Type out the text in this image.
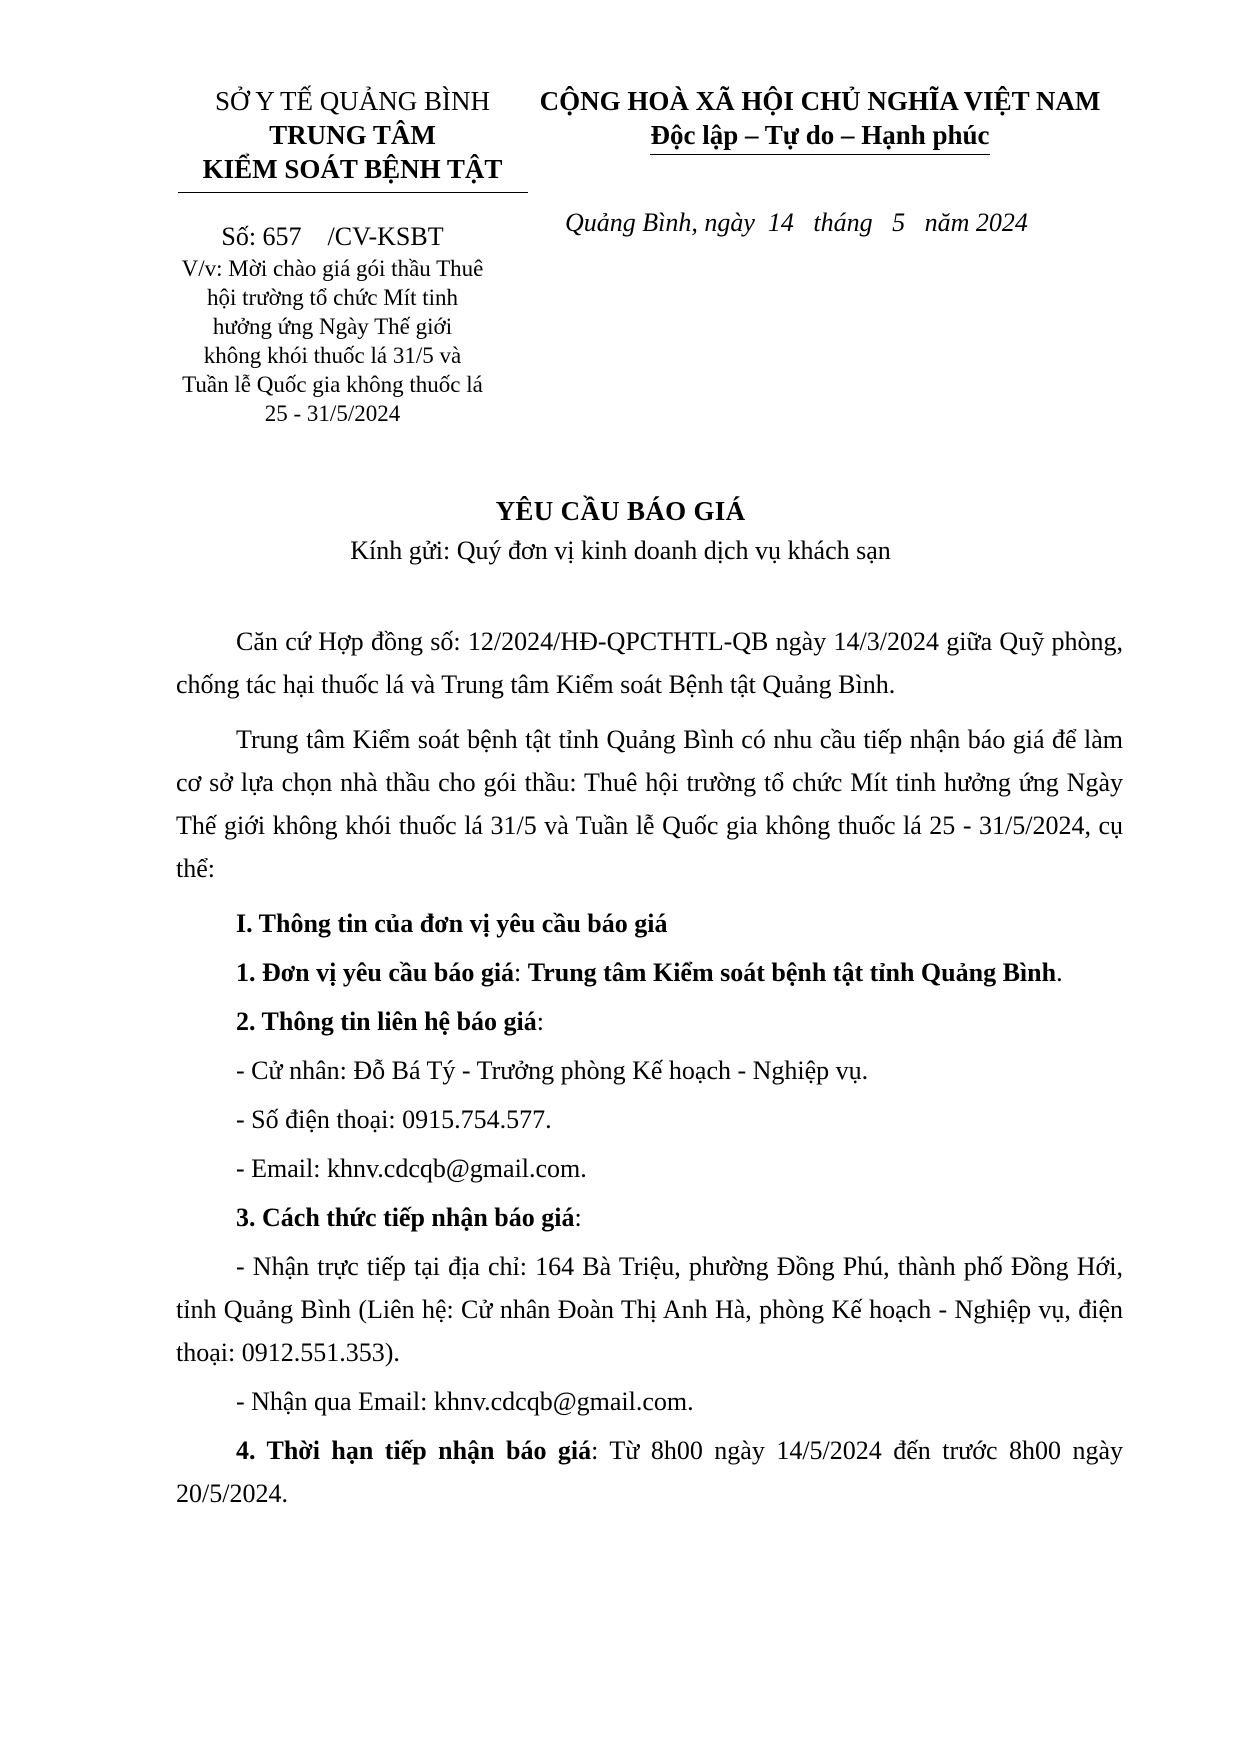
SỞ Y TẾ QUẢNG BÌNH
TRUNG TÂM
KIỂM SOÁT BỆNH TẬT
CỘNG HOÀ XÃ HỘI CHỦ NGHĨA VIỆT NAM
Độc lập – Tự do – Hạnh phúc
Quảng Bình, ngày  14   tháng   5   năm 2024
Số: 657    /CV-KSBT
V/v: Mời chào giá gói thầu Thuê
hội trường tổ chức Mít tinh
hưởng ứng Ngày Thế giới
không khói thuốc lá 31/5 và
Tuần lễ Quốc gia không thuốc lá
25 - 31/5/2024
YÊU CẦU BÁO GIÁ
Kính gửi: Quý đơn vị kinh doanh dịch vụ khách sạn

Căn cứ Hợp đồng số: 12/2024/HĐ-QPCTHTL-QB ngày 14/3/2024 giữa Quỹ phòng, chống tác hại thuốc lá và Trung tâm Kiểm soát Bệnh tật Quảng Bình.

Trung tâm Kiểm soát bệnh tật tỉnh Quảng Bình có nhu cầu tiếp nhận báo giá để làm cơ sở lựa chọn nhà thầu cho gói thầu: Thuê hội trường tổ chức Mít tinh hưởng ứng Ngày Thế giới không khói thuốc lá 31/5 và Tuần lễ Quốc gia không thuốc lá 25 - 31/5/2024, cụ thể:

I. Thông tin của đơn vị yêu cầu báo giá

1. Đơn vị yêu cầu báo giá: Trung tâm Kiểm soát bệnh tật tỉnh Quảng Bình.

2. Thông tin liên hệ báo giá:

- Cử nhân: Đỗ Bá Tý - Trưởng phòng Kế hoạch - Nghiệp vụ.

- Số điện thoại: 0915.754.577.

- Email: khnv.cdcqb@gmail.com.

3. Cách thức tiếp nhận báo giá:

- Nhận trực tiếp tại địa chỉ: 164 Bà Triệu, phường Đồng Phú, thành phố Đồng Hới, tỉnh Quảng Bình (Liên hệ: Cử nhân Đoàn Thị Anh Hà, phòng Kế hoạch - Nghiệp vụ, điện thoại: 0912.551.353).

- Nhận qua Email: khnv.cdcqb@gmail.com.

4. Thời hạn tiếp nhận báo giá: Từ 8h00 ngày 14/5/2024 đến trước 8h00 ngày 20/5/2024.
